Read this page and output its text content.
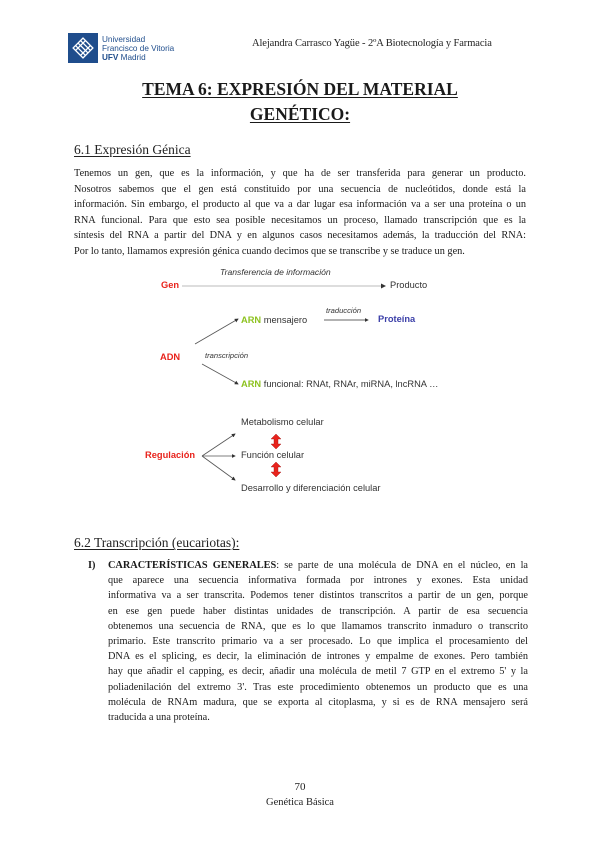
Universidad
Francisco de Vitoria
UFV Madrid
Alejandra Carrasco Yagüe - 2ºA Biotecnología y Farmacia
TEMA 6: EXPRESIÓN DEL MATERIAL
GENÉTICO:
6.1 Expresión Génica
Tenemos un gen, que es la información, y que ha de ser transferida para generar un producto.
Nosotros sabemos que el gen está constituido por una secuencia de nucleótidos, donde está la
información. Sin embargo, el producto al que va a dar lugar esa información va a ser una proteína o un
RNA funcional. Para que esto sea posible necesitamos un proceso, llamado transcripción que es la
síntesis del RNA a partir del DNA y en algunos casos necesitamos además, la traducción del RNA:
Por lo tanto, llamamos expresión génica cuando decimos que se transcribe y se traduce un gen.
Gen
Transferencia de información
Producto
ARN mensajero
traducción
Proteína
ADN	transcripción
ARN funcional: RNAt, RNAr, miRNA, lncRNA …
Regulación
Metabolismo celular
Función celular
Desarrollo y diferenciación celular
6.2 Transcripción (eucariotas):
I) CARACTERÍSTICAS GENERALES: se parte de una molécula de DNA en el núcleo, en la
que aparece una secuencia informativa formada por intrones y exones. Esta unidad
informativa va a ser transcrita. Podemos tener distintos transcritos a partir de un gen, porque
en ese gen puede haber distintas unidades de transcripción. A partir de esa secuencia
obtenemos una secuencia de RNA, que es lo que llamamos transcrito inmaduro o transcrito
primario. Este transcrito primario va a ser procesado. Lo que implica el procesamiento del
DNA es el splicing, es decir, la eliminación de intrones y empalme de exones. Pero también
hay que añadir el capping, es decir, añadir una molécula de metil 7 GTP en el extremo 5' y la
poliadenilación del extremo 3'. Tras este procedimiento obtenemos un producto que es una
molécula de RNAm madura, que se exporta al citoplasma, y si es de RNA mensajero será
traducida a una proteína.
70
Genética Básica
